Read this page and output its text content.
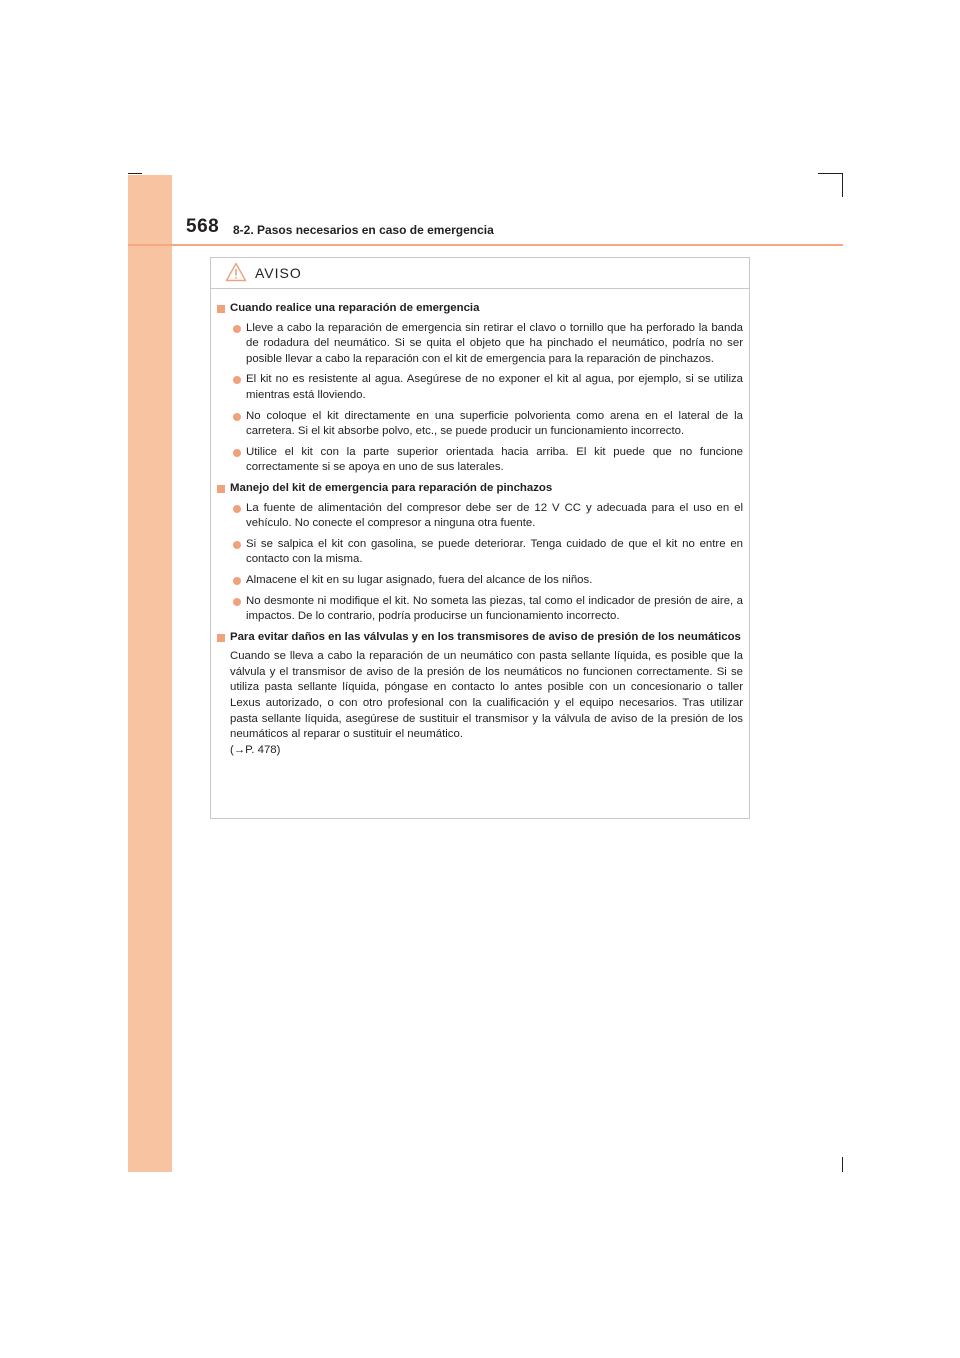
568 8-2. Pasos necesarios en caso de emergencia
AVISO
Cuando realice una reparación de emergencia
Lleve a cabo la reparación de emergencia sin retirar el clavo o tornillo que ha perforado la banda de rodadura del neumático. Si se quita el objeto que ha pinchado el neumático, podría no ser posible llevar a cabo la reparación con el kit de emergencia para la reparación de pinchazos.
El kit no es resistente al agua. Asegúrese de no exponer el kit al agua, por ejemplo, si se utiliza mientras está lloviendo.
No coloque el kit directamente en una superficie polvorienta como arena en el lateral de la carretera. Si el kit absorbe polvo, etc., se puede producir un funcionamiento incorrecto.
Utilice el kit con la parte superior orientada hacia arriba. El kit puede que no funcione correctamente si se apoya en uno de sus laterales.
Manejo del kit de emergencia para reparación de pinchazos
La fuente de alimentación del compresor debe ser de 12 V CC y adecuada para el uso en el vehículo. No conecte el compresor a ninguna otra fuente.
Si se salpica el kit con gasolina, se puede deteriorar. Tenga cuidado de que el kit no entre en contacto con la misma.
Almacene el kit en su lugar asignado, fuera del alcance de los niños.
No desmonte ni modifique el kit. No someta las piezas, tal como el indicador de presión de aire, a impactos. De lo contrario, podría producirse un funcionamiento incorrecto.
Para evitar daños en las válvulas y en los transmisores de aviso de presión de los neumáticos
Cuando se lleva a cabo la reparación de un neumático con pasta sellante líquida, es posible que la válvula y el transmisor de aviso de la presión de los neumáticos no funcionen correctamente. Si se utiliza pasta sellante líquida, póngase en contacto lo antes posible con un concesionario o taller Lexus autorizado, o con otro profesional con la cualificación y el equipo necesarios. Tras utilizar pasta sellante líquida, asegúrese de sustituir el transmisor y la válvula de aviso de la presión de los neumáticos al reparar o sustituir el neumático.
(→P. 478)
